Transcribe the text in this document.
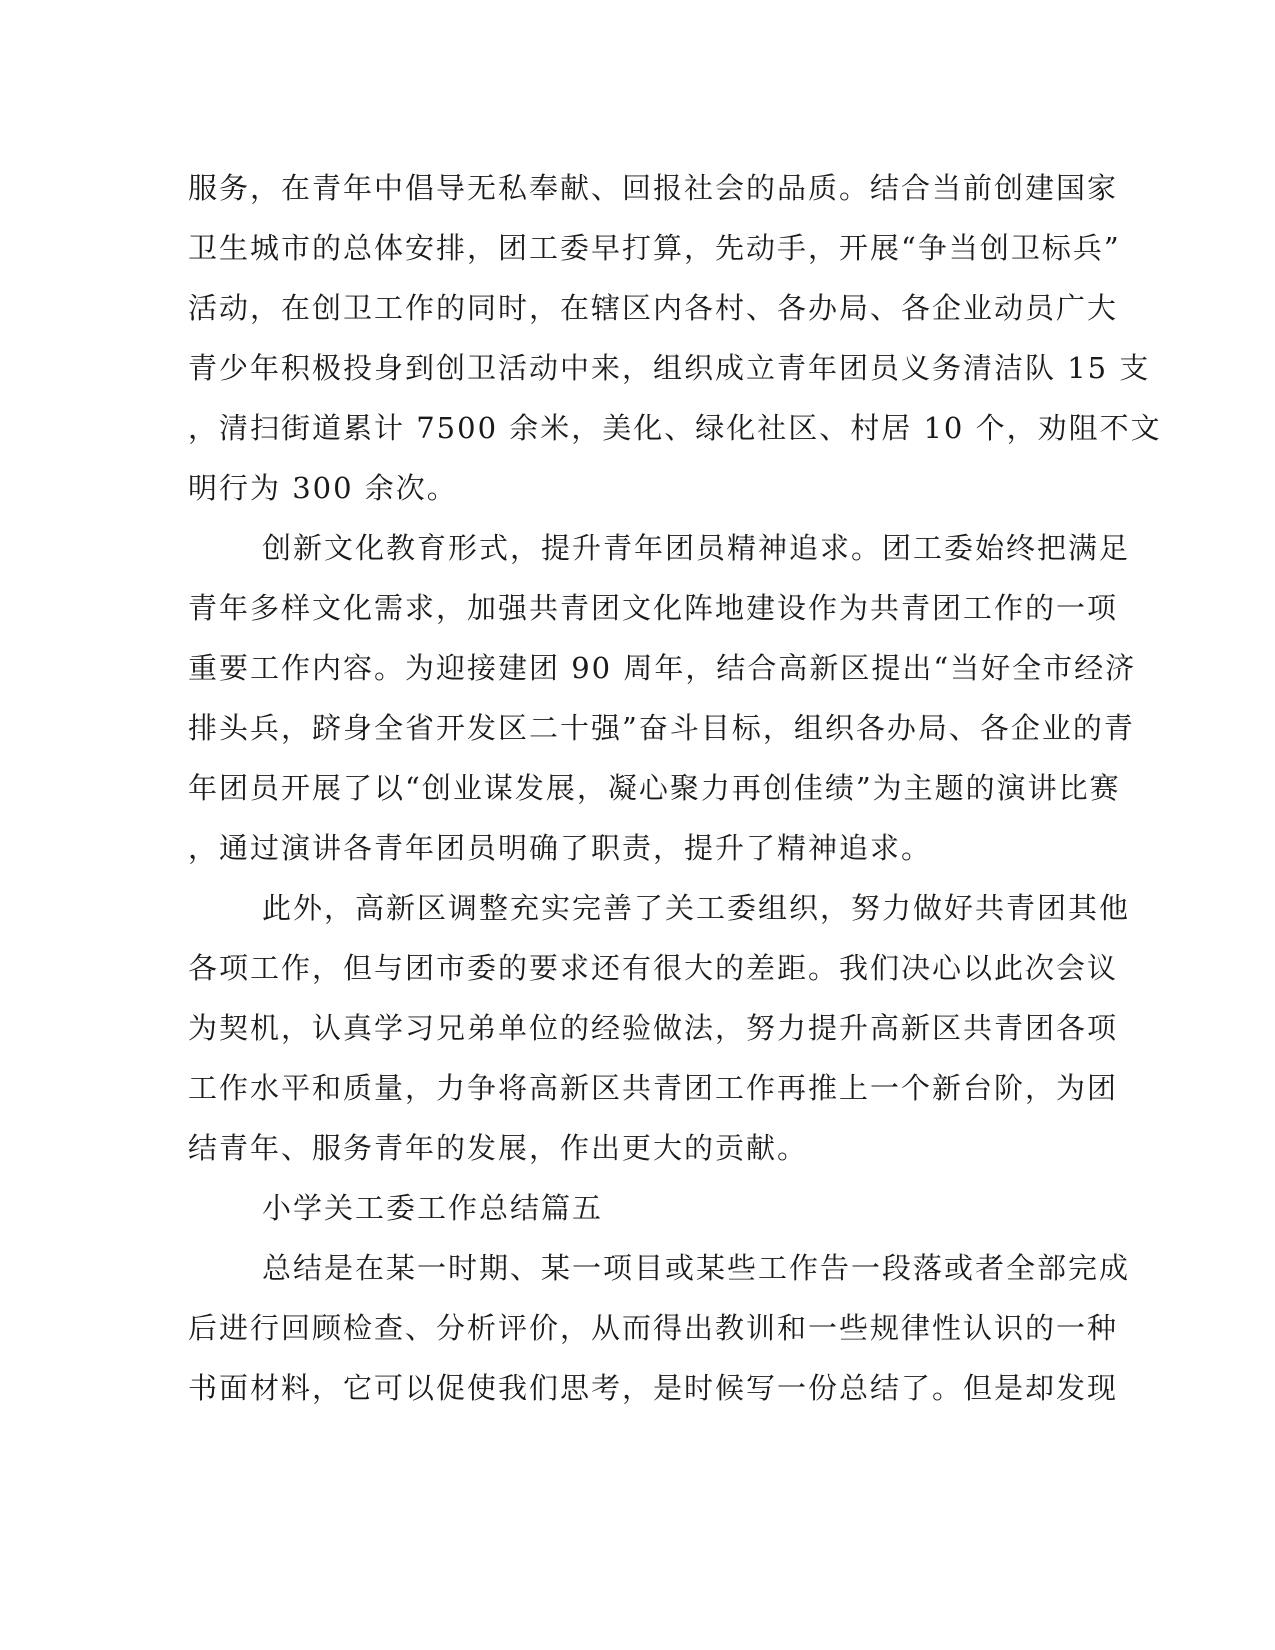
服务，在青年中倡导无私奉献、回报社会的品质。结合当前创建国家
卫生城市的总体安排，团工委早打算，先动手，开展“争当创卫标兵”
活动，在创卫工作的同时，在辖区内各村、各办局、各企业动员广大
青少年积极投身到创卫活动中来，组织成立青年团员义务清洁队 15 支
，清扫街道累计 7500 余米，美化、绿化社区、村居 10 个，劝阻不文
明行为 300 余次。
创新文化教育形式，提升青年团员精神追求。团工委始终把满足
青年多样文化需求，加强共青团文化阵地建设作为共青团工作的一项
重要工作内容。为迎接建团 90 周年，结合高新区提出“当好全市经济
排头兵，跻身全省开发区二十强”奋斗目标，组织各办局、各企业的青
年团员开展了以“创业谋发展，凝心聚力再创佳绩”为主题的演讲比赛
，通过演讲各青年团员明确了职责，提升了精神追求。
此外，高新区调整充实完善了关工委组织，努力做好共青团其他
各项工作，但与团市委的要求还有很大的差距。我们决心以此次会议
为契机，认真学习兄弟单位的经验做法，努力提升高新区共青团各项
工作水平和质量，力争将高新区共青团工作再推上一个新台阶，为团
结青年、服务青年的发展，作出更大的贡献。
小学关工委工作总结篇五
总结是在某一时期、某一项目或某些工作告一段落或者全部完成
后进行回顾检查、分析评价，从而得出教训和一些规律性认识的一种
书面材料，它可以促使我们思考，是时候写一份总结了。但是却发现
